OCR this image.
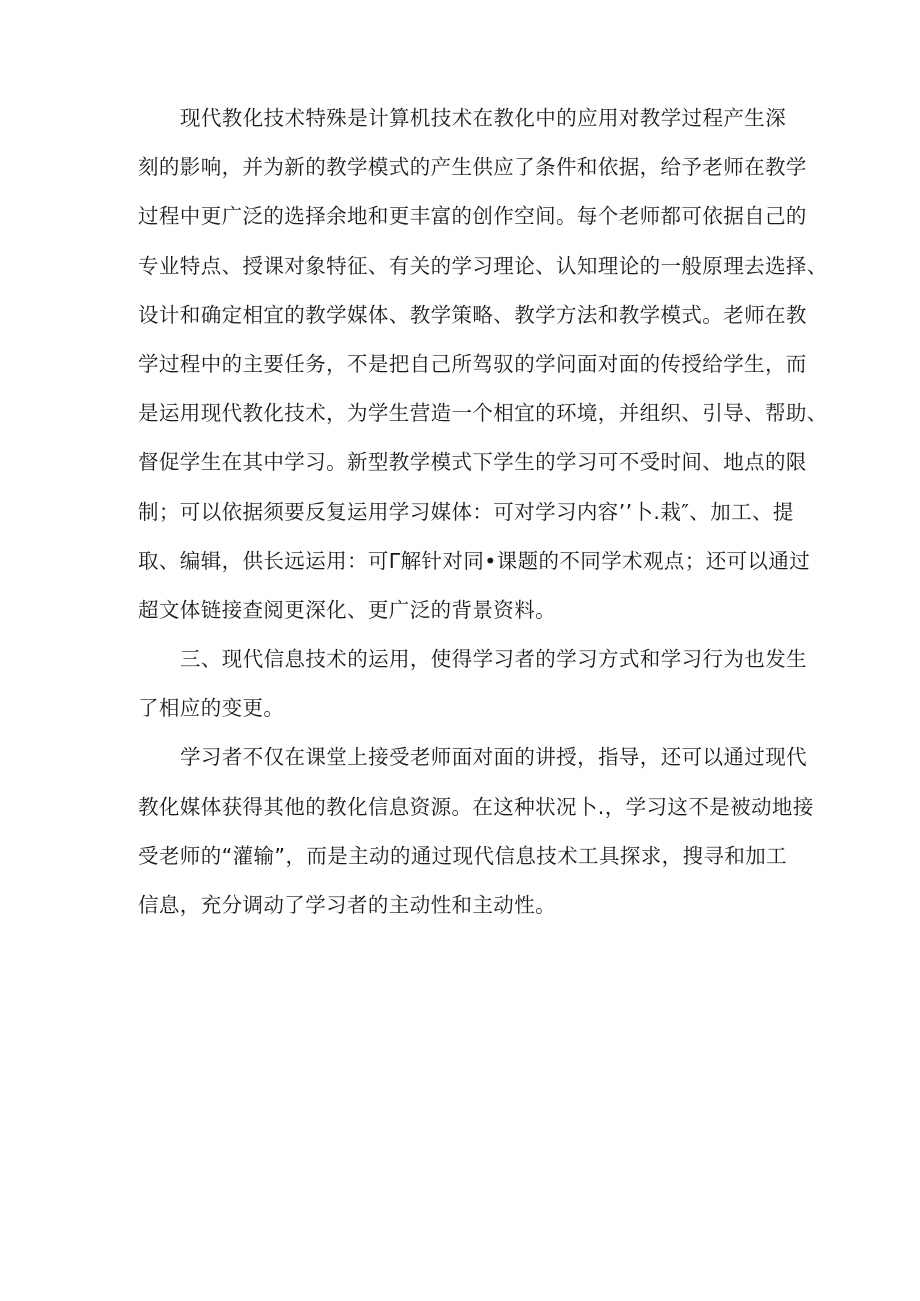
现代教化技术特殊是计算机技术在教化中的应用对教学过程产生深

刻的影响，并为新的教学模式的产生供应了条件和依据，给予老师在教学

过程中更广泛的选择余地和更丰富的创作空间。每个老师都可依据自己的

专业特点、授课对象特征、有关的学习理论、认知理论的一般原理去选择、

设计和确定相宜的教学媒体、教学策略、教学方法和教学模式。老师在教

学过程中的主要任务，不是把自己所驾驭的学问面对面的传授给学生，而

是运用现代教化技术，为学生营造一个相宜的环境，并组织、引导、帮助、

督促学生在其中学习。新型教学模式下学生的学习可不受时间、地点的限

制；可以依据须要反复运用学习媒体：可对学习内容’’卜.栽″、加工、提

取、编辑，供长远运用：可Γ解针对同•课题的不同学术观点；还可以通过

超文体链接查阅更深化、更广泛的背景资料。

三、现代信息技术的运用，使得学习者的学习方式和学习行为也发生

了相应的变更。

学习者不仅在课堂上接受老师面对面的讲授，指导，还可以通过现代

教化媒体获得其他的教化信息资源。在这种状况卜.，学习这不是被动地接

受老师的“灌输”，而是主动的通过现代信息技术工具探求，搜寻和加工

信息，充分调动了学习者的主动性和主动性。
